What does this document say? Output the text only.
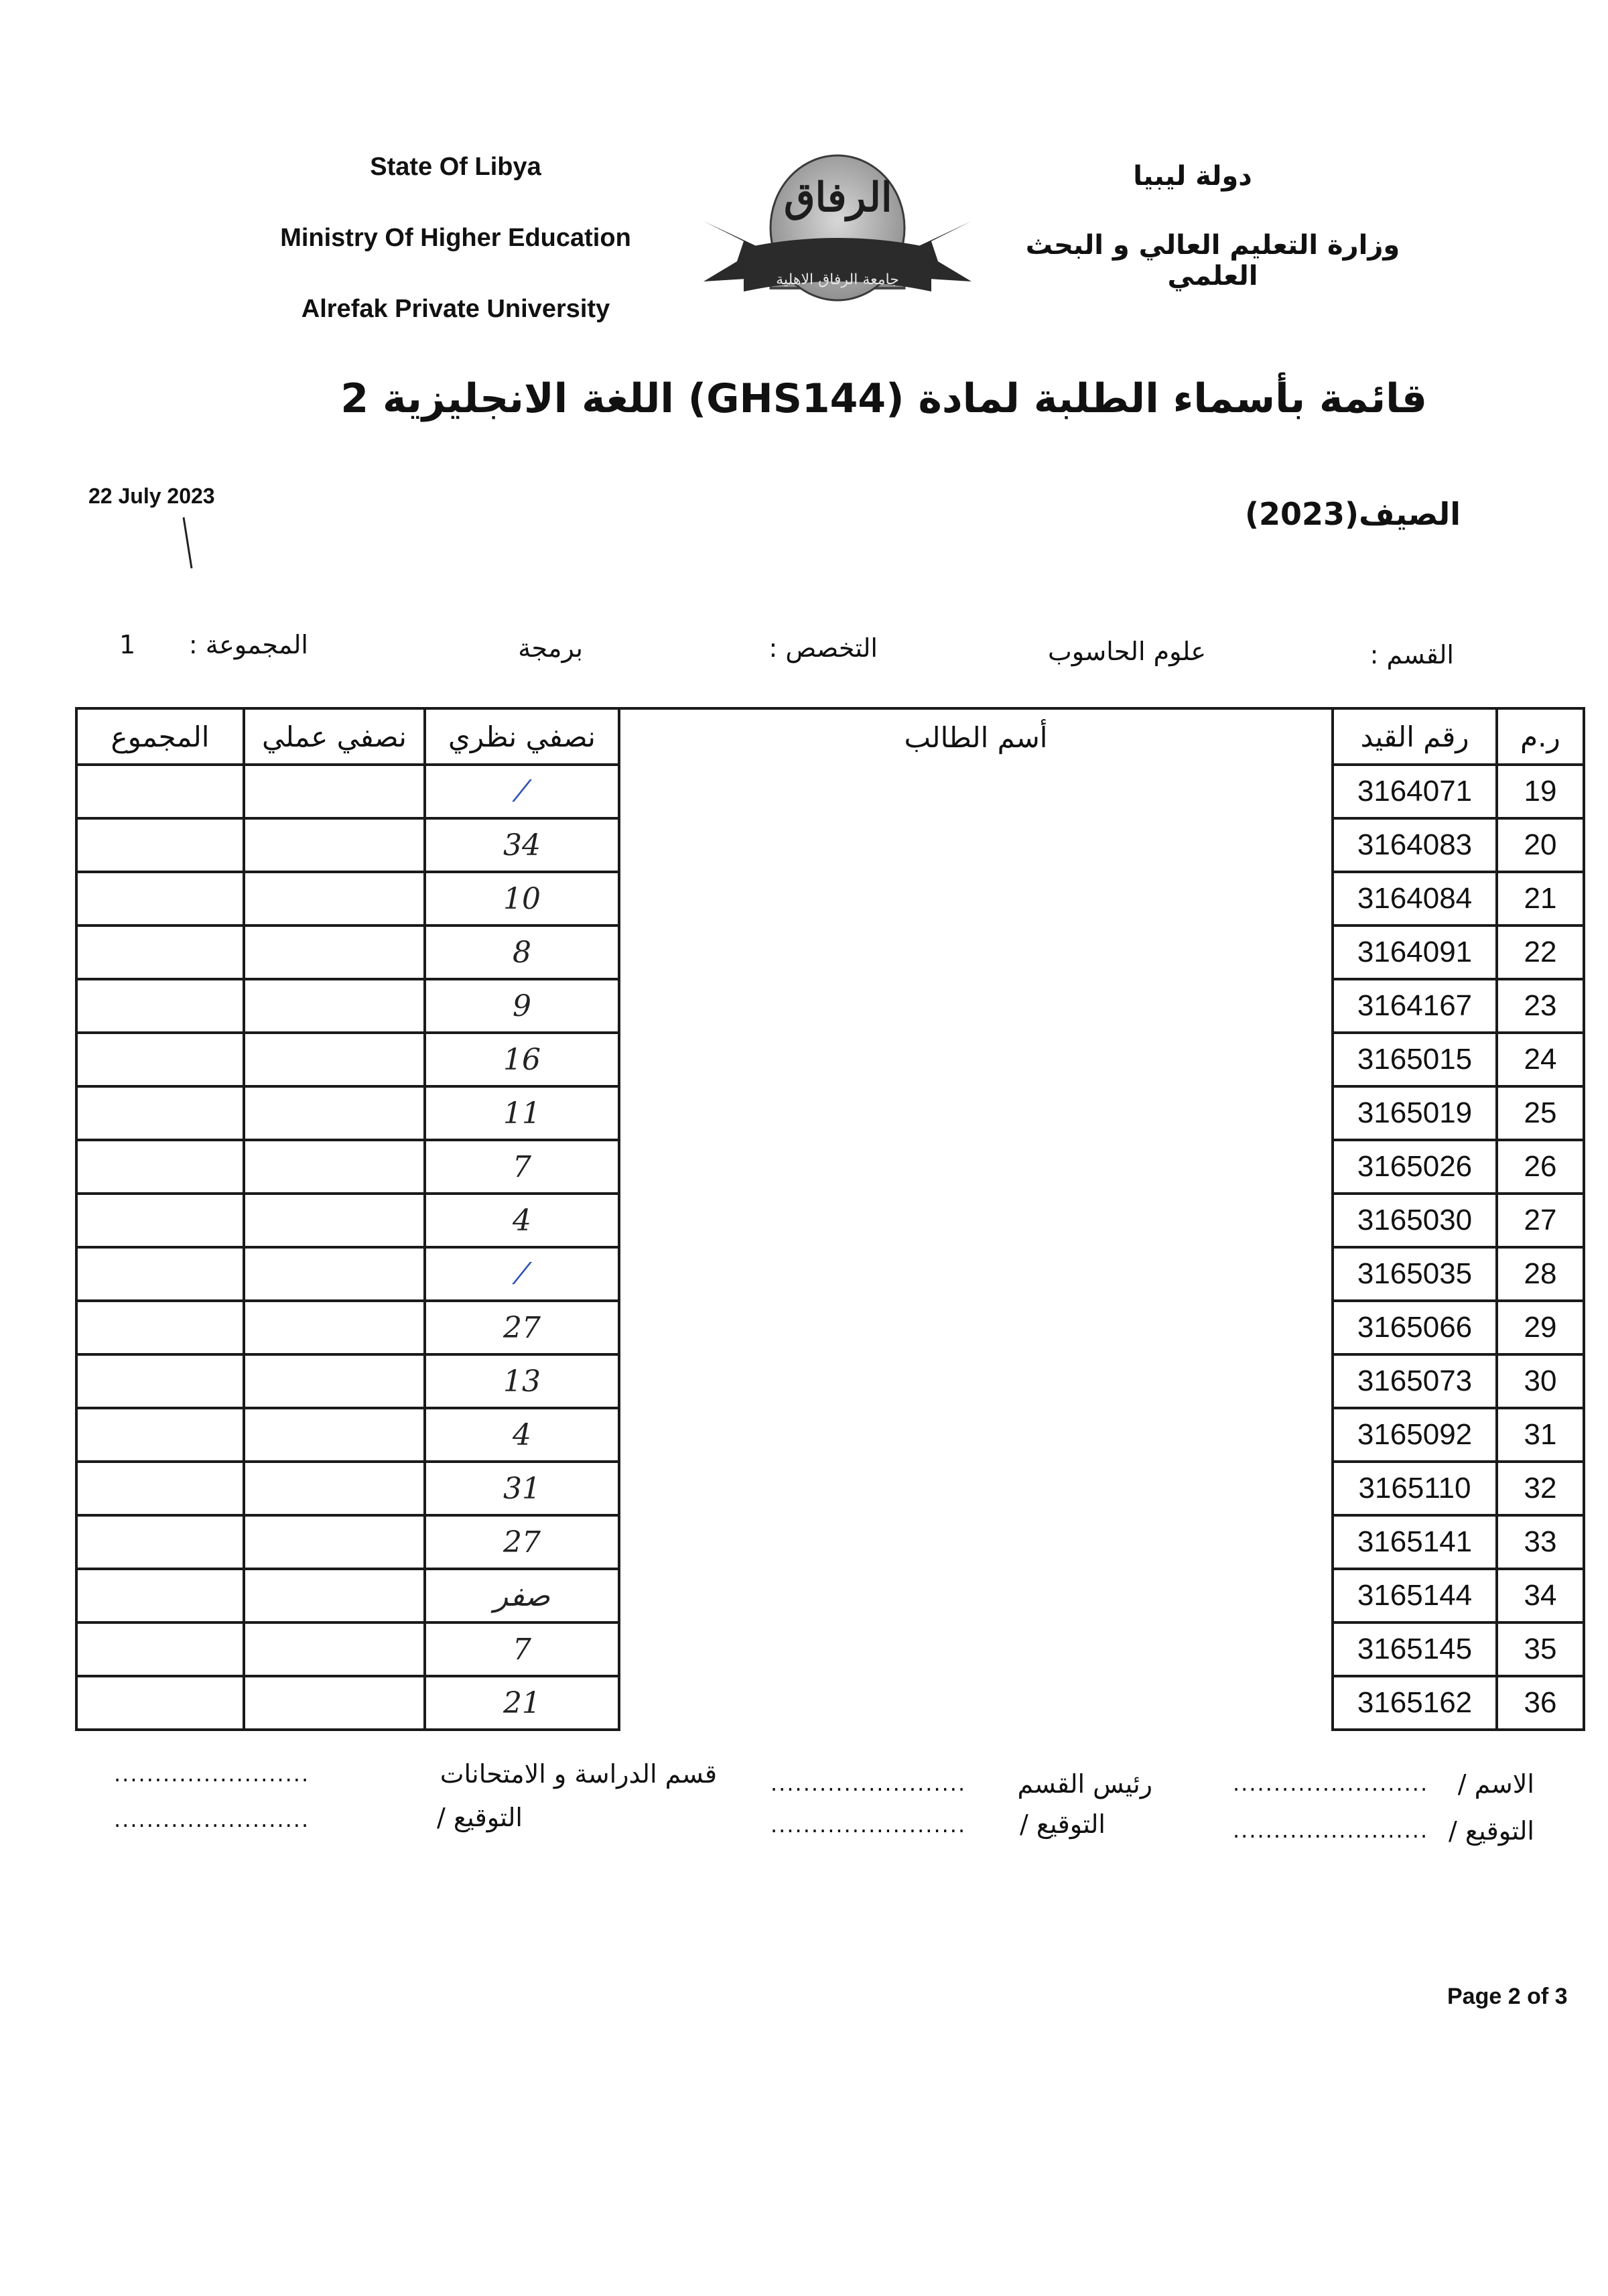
State Of Libya
Ministry Of Higher Education
Alrefak Private University
دولة ليبيا
وزارة التعليم العالي و البحث العلمي
الرفاق
جامعة الرفاق الاهلية
قائمة بأسماء الطلبة لمادة (GHS144) اللغة الانجليزية 2
22 July 2023	الصيف(2023)
القسم :
علوم الحاسوب
التخصص :
برمجة
المجموعة :
1
المجموع	نصفي عملي	نصفي نظري	أسم الطالب	رقم القيد	ر.م
		⁄		3164071	19
		34		3164083	20
		10		3164084	21
		8		3164091	22
		9		3164167	23
		16		3165015	24
		11		3165019	25
		7		3165026	26
		4		3165030	27
		⁄		3165035	28
		27		3165066	29
		13		3165073	30
		4		3165092	31
		31		3165110	32
		27		3165141	33
		صفر		3165144	34
		7		3165145	35
		21		3165162	36
الاسم /
........................
التوقيع /
........................
رئيس القسم
........................
التوقيع /
........................
قسم الدراسة و الامتحانات
........................
التوقيع /
........................
Page 2 of 3
